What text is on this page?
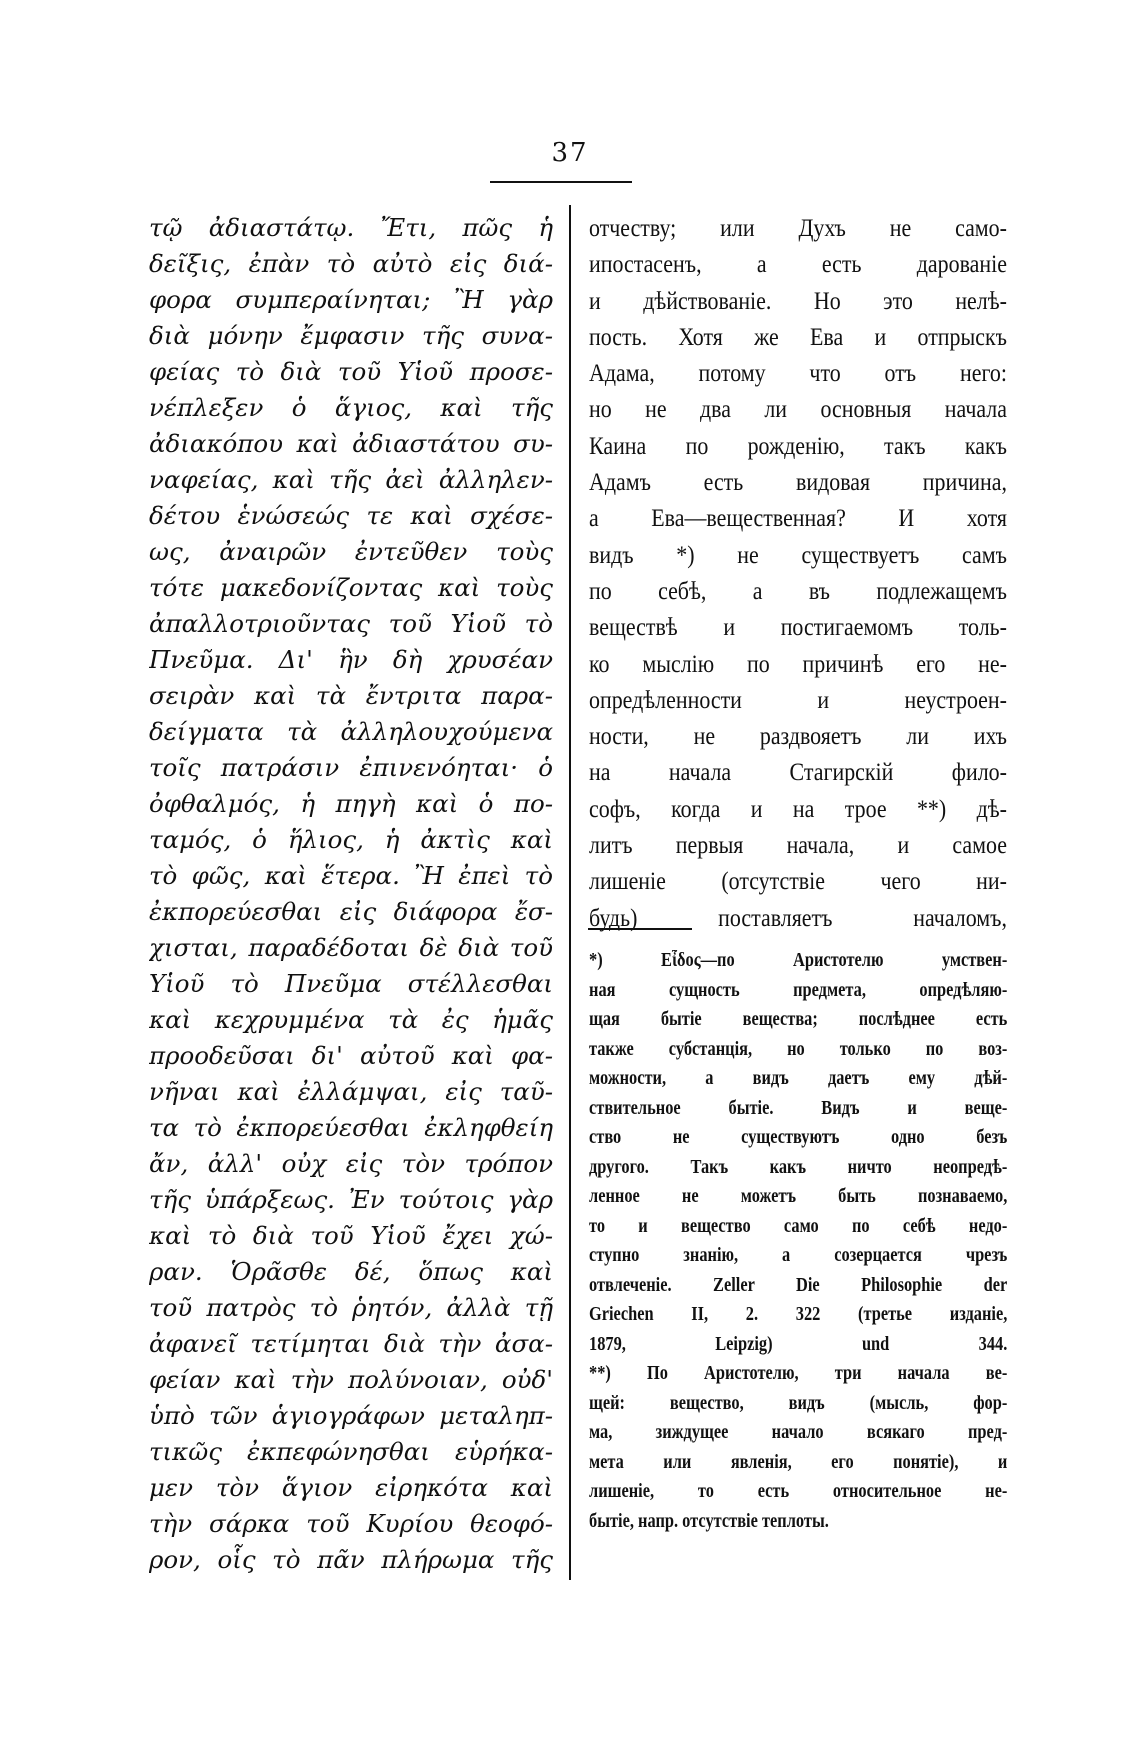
37
τῷ ἀδιαστάτῳ. Ἔτι, πῶς ἡ
δεῖξις, ἐπὰν τὸ αὐτὸ εἰς διά-
φορα συμπεραίνηται; Ἢ γὰρ
διὰ μόνην ἔμφασιν τῆς συνα-
φείας τὸ διὰ τοῦ Υἱοῦ προσε-
νέπλεξεν ὁ ἅγιος, καὶ τῆς
ἀδιακόπου καὶ ἀδιαστάτου συ-
ναφείας, καὶ τῆς ἀεὶ ἀλληλεν-
δέτου ἑνώσεώς τε καὶ σχέσε-
ως, ἀναιρῶν ἐντεῦθεν τοὺς
τότε μακεδονίζοντας καὶ τοὺς
ἀπαλλοτριοῦντας τοῦ Υἱοῦ τὸ
Πνεῦμα. Δι' ἣν δὴ χρυσέαν
σειρὰν καὶ τὰ ἔντριτα παρα-
δείγματα τὰ ἀλληλουχούμενα
τοῖς πατράσιν ἐπινενόηται· ὁ
ὀφθαλμός, ἡ πηγὴ καὶ ὁ πο-
ταμός, ὁ ἥλιος, ἡ ἀκτὶς καὶ
τὸ φῶς, καὶ ἕτερα. Ἢ ἐπεὶ τὸ
ἐκπορεύεσθαι εἰς διάφορα ἔσ-
χισται, παραδέδοται δὲ διὰ τοῦ
Υἱοῦ τὸ Πνεῦμα στέλλεσθαι
καὶ κεχρυμμένα τὰ ἐς ἡμᾶς
προοδεῦσαι δι' αὐτοῦ καὶ φα-
νῆναι καὶ ἐλλάμψαι, εἰς ταῦ-
τα τὸ ἐκπορεύεσθαι ἐκληφθείη
ἄν, ἀλλ' οὐχ εἰς τὸν τρόπον
τῆς ὑπάρξεως. Ἐν τούτοις γὰρ
καὶ τὸ διὰ τοῦ Υἱοῦ ἔχει χώ-
ραν. Ὁρᾶσθε δέ, ὅπως καὶ
τοῦ πατρὸς τὸ ῥητόν, ἀλλὰ τῇ
ἀφανεῖ τετίμηται διὰ τὴν ἀσα-
φείαν καὶ τὴν πολύνοιαν, οὐδ'
ὑπὸ τῶν ἁγιογράφων μεταληπ-
τικῶς ἐκπεφώνησθαι εὑρήκα-
μεν τὸν ἅγιον εἰρηκότα καὶ
τὴν σάρκα τοῦ Κυρίου θεοφό-
ρον, οἷς τὸ πᾶν πλήρωμα τῆς
отчеству; или Духъ не само-
ипостасенъ, а есть дарованіе
и дѣйствованіе. Но это нелѣ-
пость. Хотя же Ева и отпрыскъ
Адама, потому что отъ него:
но не два ли основныя начала
Каина по рожденію, такъ какъ
Адамъ есть видовая причина,
а Ева—вещественная? И хотя
видъ *) не существуетъ самъ
по себѣ, а въ подлежащемъ
веществѣ и постигаемомъ толь-
ко мыслію по причинѣ его не-
опредѣленности и неустроен-
ности, не раздвояетъ ли ихъ
на начала Стагирскій фило-
софъ, когда и на трое **) дѣ-
литъ первыя начала, и самое
лишеніе (отсутствіе чего ни-
будь) поставляетъ началомъ,
*) Εἶδος—по Аристотелю умствен-
ная сущность предмета, опредѣляю-
щая бытіе вещества; послѣднее есть
также субстанція, но только по воз-
можности, а видъ даетъ ему дѣй-
ствительное бытіе. Видъ и веще-
ство не существуютъ одно безъ
другого. Такъ какъ ничто неопредѣ-
ленное не можетъ быть познаваемо,
то и вещество само по себѣ недо-
ступно знанію, а созерцается чрезъ
отвлеченіе. Zeller Die Philosophie der
Griechen II, 2. 322 (третье изданіе,
1879, Leipzig) und 344.
**) По Аристотелю, три начала ве-
щей: вещество, видъ (мысль, фор-
ма, зиждущее начало всякаго пред-
мета или явленія, его понятіе), и
лишеніе, то есть относительное не-
бытіе, напр. отсутствіе теплоты.
